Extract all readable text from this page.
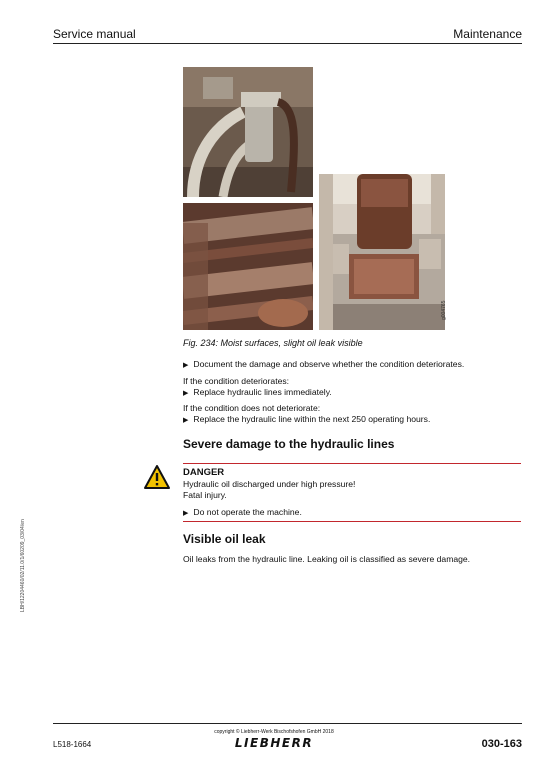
Service manual	Maintenance
LBH/12204460/02/11.0/1/60209_03/04/en
g004765
Fig. 234: Moist surfaces, slight oil leak visible
▶ Document the damage and observe whether the condition deteriorates.
If the condition deteriorates:
▶ Replace hydraulic lines immediately.
If the condition does not deteriorate:
▶ Replace the hydraulic line within the next 250 operating hours.
Severe damage to the hydraulic lines
DANGER
Hydraulic oil discharged under high pressure!
Fatal injury.
▶ Do not operate the machine.
Visible oil leak
Oil leaks from the hydraulic line. Leaking oil is classified as severe damage.
copyright © Liebherr-Werk Bischofshofen GmbH 2018
LIEBHERR
L518-1664	030-163
